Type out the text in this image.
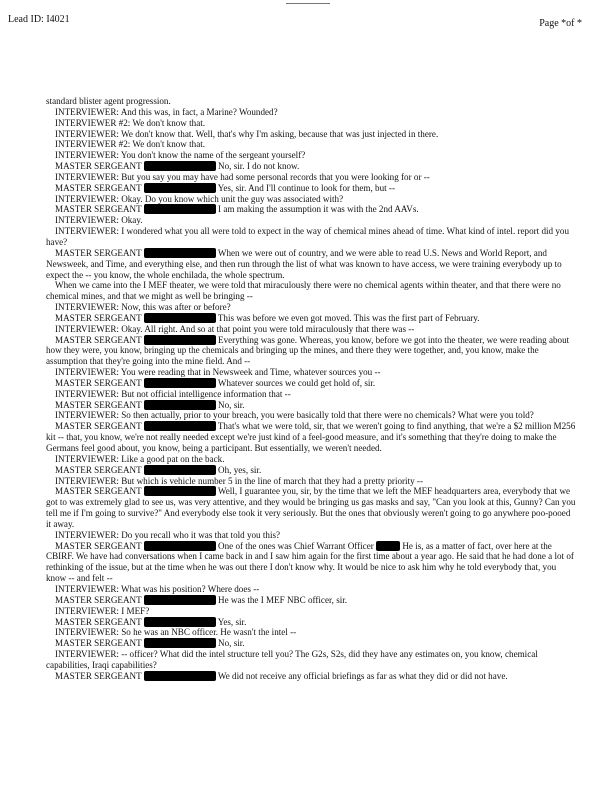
Lead ID: I4021	Page *of *

standard blister agent progression.

INTERVIEWER: And this was, in fact, a Marine? Wounded?

INTERVIEWER #2: We don't know that.

INTERVIEWER: We don't know that. Well, that's why I'm asking, because that was just injected in there.

INTERVIEWER #2: We don't know that.

INTERVIEWER: You don't know the name of the sergeant yourself?

MASTER SERGEANT	No, sir. I do not know.

INTERVIEWER: But you say you may have had some personal records that you were looking for or --

MASTER SERGEANT	Yes, sir. And I'll continue to look for them, but --

INTERVIEWER: Okay. Do you know which unit the guy was associated with?

MASTER SERGEANT	I am making the assumption it was with the 2nd AAVs.

INTERVIEWER: Okay.

INTERVIEWER: I wondered what you all were told to expect in the way of chemical mines ahead of time. What kind of intel. report did you have?

MASTER SERGEANT	When we were out of country, and we were able to read U.S. News and World Report, and Newsweek, and Time, and everything else, and then run through the list of what was known to have access, we were training everybody up to expect the -- you know, the whole enchilada, the whole spectrum.

When we came into the I MEF theater, we were told that miraculously there were no chemical agents within theater, and that there were no chemical mines, and that we might as well be bringing --

INTERVIEWER: Now, this was after or before?

MASTER SERGEANT	This was before we even got moved. This was the first part of February.

INTERVIEWER: Okay. All right. And so at that point you were told miraculously that there was --

MASTER SERGEANT	Everything was gone. Whereas, you know, before we got into the theater, we were reading about how they were, you know, bringing up the chemicals and bringing up the mines, and there they were together, and, you know, make the assumption that they're going into the mine field. And --

INTERVIEWER: You were reading that in Newsweek and Time, whatever sources you --

MASTER SERGEANT	Whatever sources we could get hold of, sir.

INTERVIEWER: But not official intelligence information that --

MASTER SERGEANT	No, sir.

INTERVIEWER: So then actually, prior to your breach, you were basically told that there were no chemicals? What were you told?

MASTER SERGEANT	That's what we were told, sir, that we weren't going to find anything, that we're a $2 million M256 kit -- that, you know, we're not really needed except we're just kind of a feel-good measure, and it's something that they're doing to make the Germans feel good about, you know, being a participant. But essentially, we weren't needed.

INTERVIEWER: Like a good pat on the back.

MASTER SERGEANT	Oh, yes, sir.

INTERVIEWER: But which is vehicle number 5 in the line of march that they had a pretty priority --

MASTER SERGEANT	Well, I guarantee you, sir, by the time that we left the MEF headquarters area, everybody that we got to was extremely glad to see us, was very attentive, and they would be bringing us gas masks and say, "Can you look at this, Gunny? Can you tell me if I'm going to survive?" And everybody else took it very seriously. But the ones that obviously weren't going to go anywhere poo-pooed it away.

INTERVIEWER: Do you recall who it was that told you this?

MASTER SERGEANT	One of the ones was Chief Warrant Officer	He is, as a matter of fact, over here at the CBIRF. We have had conversations when I came back in and I saw him again for the first time about a year ago. He said that he had done a lot of rethinking of the issue, but at the time when he was out there I don't know why. It would be nice to ask him why he told everybody that, you know -- and felt --

INTERVIEWER: What was his position? Where does --

MASTER SERGEANT	He was the I MEF NBC officer, sir.

INTERVIEWER: I MEF?

MASTER SERGEANT	Yes, sir.

INTERVIEWER: So he was an NBC officer. He wasn't the intel --

MASTER SERGEANT	No, sir.

INTERVIEWER: -- officer? What did the intel structure tell you? The G2s, S2s, did they have any estimates on, you know, chemical capabilities, Iraqi capabilities?

MASTER SERGEANT	We did not receive any official briefings as far as what they did or did not have.
